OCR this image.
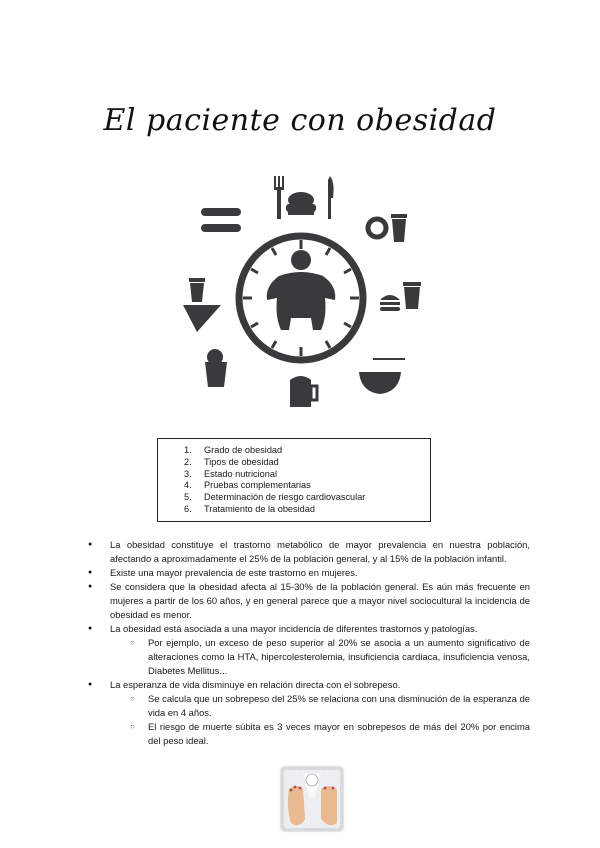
El paciente con obesidad
1.	Grado de obesidad
2.	Tipos de obesidad
3.	Estado nutricional
4.	Pruebas complementarias
5.	Determinación de riesgo cardiovascular
6.	Tratamiento de la obesidad
● La obesidad constituye el trastorno metabólico de mayor prevalencia en nuestra población, afectando a aproximadamente el 25% de la población general, y al 15% de la población infantil.
● Existe una mayor prevalencia de este trastorno en mujeres.
● Se considera que la obesidad afecta al 15-30% de la población general. Es aún más frecuente en mujeres a partir de los 60 años, y en general parece que a mayor nivel sociocultural la incidencia de obesidad es menor.
● La obesidad está asociada a una mayor incidencia de diferentes trastornos y patologías.
○ Por ejemplo, un exceso de peso superior al 20% se asocia a un aumento significativo de alteraciones como la HTA, hipercolesterolemia, insuficiencia cardiaca, insuficiencia venosa, Diabetes Mellitus...
● La esperanza de vida disminuye en relación directa con el sobrepeso.
○ Se calcula que un sobrepeso del 25% se relaciona con una disminución de la esperanza de vida en 4 años.
○ El riesgo de muerte súbita es 3 veces mayor en sobrepesos de más del 20% por encima del peso ideal.
